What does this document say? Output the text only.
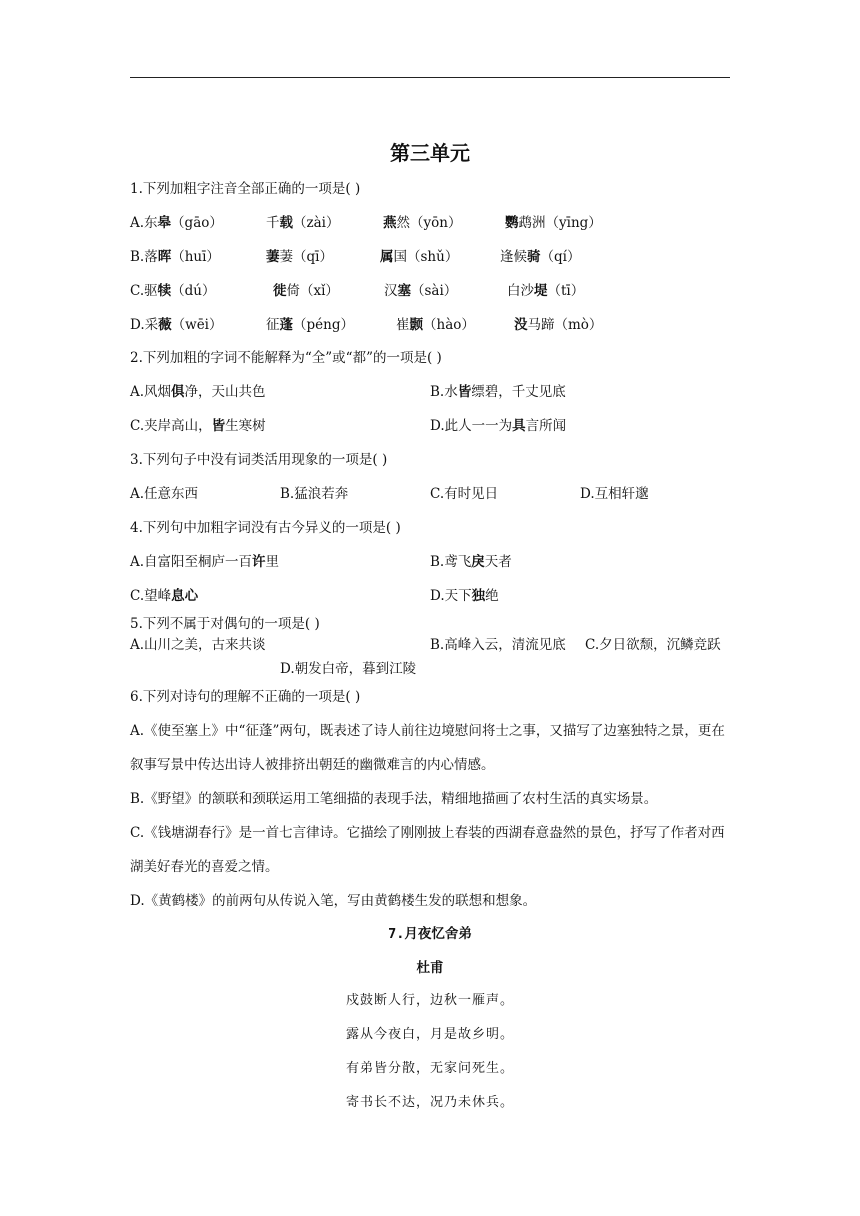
第三单元
1.下列加粗字注音全部正确的一项是( )
A.东皋（gāo）	千载（zài）	燕然（yōn）	鹦鹉洲（yīng）
B.落晖（huī）	萋萋（qī）	属国（shǔ）	逢候骑（qí）
C.驱犊（dú）	徙倚（xǐ）	汉塞（sài）	白沙堤（tī）
D.采薇（wēi）	征蓬（péng）	崔颢（hào）	没马蹄（mò）
2.下列加粗的字词不能解释为“全”或“都”的一项是( )
A.风烟俱净，天山共色	B.水皆缥碧，千丈见底
C.夹岸高山，皆生寒树	D.此人一一为具言所闻
3.下列句子中没有词类活用现象的一项是( )
A.任意东西	B.猛浪若奔	C.有时见日	D.互相轩邈
4.下列句中加粗字词没有古今异义的一项是( )
A.自富阳至桐庐一百许里	B.鸢飞戾天者
C.望峰息心	D.天下独绝
5.下列不属于对偶句的一项是( )
A.山川之美，古来共谈	B.高峰入云，清流见底 C.夕日欲颓，沉鳞竞跃
D.朝发白帝，暮到江陵
6.下列对诗句的理解不正确的一项是( )
A.《使至塞上》中“征蓬”两句，既表述了诗人前往边境慰问将士之事，又描写了边塞独特之景，更在叙事写景中传达出诗人被排挤出朝廷的幽微难言的内心情感。
B.《野望》的颔联和颈联运用工笔细描的表现手法，精细地描画了农村生活的真实场景。
C.《钱塘湖春行》是一首七言律诗。它描绘了刚刚披上春装的西湖春意盎然的景色，抒写了作者对西湖美好春光的喜爱之情。
D.《黄鹤楼》的前两句从传说入笔，写由黄鹤楼生发的联想和想象。
7.月夜忆舍弟
杜甫
戍鼓断人行，边秋一雁声。
露从今夜白，月是故乡明。
有弟皆分散，无家问死生。
寄书长不达，况乃未休兵。
